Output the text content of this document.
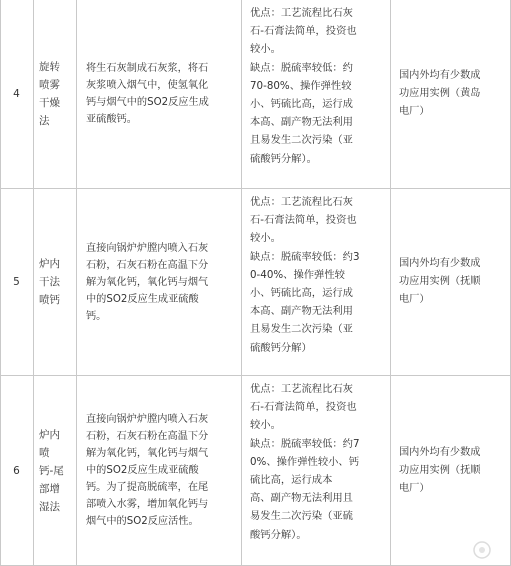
4

旋转
喷雾
干燥
法

将生石灰制成石灰浆，将石
灰浆喷入烟气中，使氢氧化
钙与烟气中的SO2反应生成
亚硫酸钙。

优点：工艺流程比石灰
石-石膏法简单，投资也
较小。
缺点：脱硫率较低：约
70-80%、操作弹性较
小、钙硫比高，运行成
本高、副产物无法利用
且易发生二次污染（亚
硫酸钙分解）。

国内外均有少数成
功应用实例（黄岛
电厂）

5

炉内
干法
喷钙

直接向锅炉炉膛内喷入石灰
石粉，石灰石粉在高温下分
解为氧化钙，氧化钙与烟气
中的SO2反应生成亚硫酸
钙。

优点：工艺流程比石灰
石-石膏法简单，投资也
较小。
缺点：脱硫率较低：约3
0-40%、操作弹性较
小、钙硫比高，运行成
本高、副产物无法利用
且易发生二次污染（亚
硫酸钙分解）

国内外均有少数成
功应用实例（抚顺
电厂）

6

炉内
喷
钙-尾
部增
湿法

直接向锅炉炉膛内喷入石灰
石粉，石灰石粉在高温下分
解为氧化钙，氧化钙与烟气
中的SO2反应生成亚硫酸
钙。为了提高脱硫率，在尾
部喷入水雾，增加氧化钙与
烟气中的SO2反应活性。

优点：工艺流程比石灰
石-石膏法简单，投资也
较小。
缺点：脱硫率较低：约7
0%、操作弹性较小、钙
硫比高，运行成本
高、副产物无法利用且
易发生二次污染（亚硫
酸钙分解）。

国内外均有少数成
功应用实例（抚顺
电厂）
